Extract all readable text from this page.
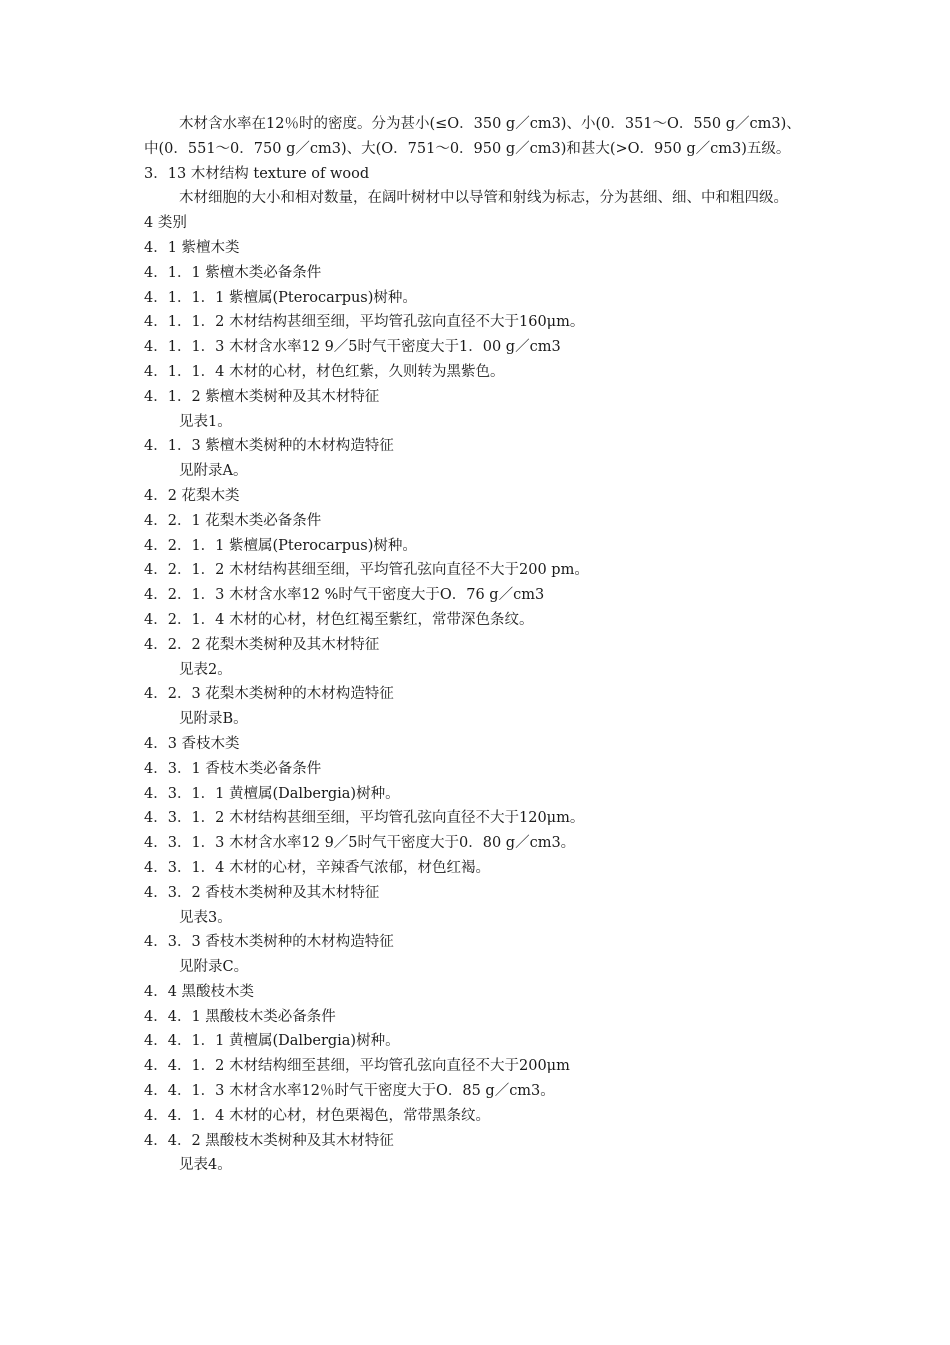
木材含水率在12％时的密度。分为甚小(≤O．350 g／cm3)、小(0．351～O．550 g／cm3)、中(0．551～0．750 g／cm3)、大(O．751～0．950 g／cm3)和甚大(>O．950 g／cm3)五级。
3．13 木材结构 texture of wood
木材细胞的大小和相对数量，在阔叶树材中以导管和射线为标志，分为甚细、细、中和粗四级。
4 类别
4．1 紫檀木类
4．1．1 紫檀木类必备条件
4．1．1．1 紫檀属(Pterocarpus)树种。
4．1．1．2 木材结构甚细至细，平均管孔弦向直径不大于160μm。
4．1．1．3 木材含水率12 9／5时气干密度大于1．00 g／cm3
4．1．1．4 木材的心材，材色红紫，久则转为黑紫色。
4．1．2 紫檀木类树种及其木材特征
见表1。
4．1．3 紫檀木类树种的木材构造特征
见附录A。
4．2 花梨木类
4．2．1 花梨木类必备条件
4．2．1．1 紫檀属(Pterocarpus)树种。
4．2．1．2 木材结构甚细至细，平均管孔弦向直径不大于200 pm。
4．2．1．3 木材含水率12 %时气干密度大于O．76 g／cm3
4．2．1．4 木材的心材，材色红褐至紫红，常带深色条纹。
4．2．2 花梨木类树种及其木材特征
见表2。
4．2．3 花梨木类树种的木材构造特征
见附录B。
4．3 香枝木类
4．3．1 香枝木类必备条件
4．3．1．1 黄檀属(Dalbergia)树种。
4．3．1．2 木材结构甚细至细，平均管孔弦向直径不大于120μm。
4．3．1．3 木材含水率12 9／5时气干密度大于0．80 g／cm3。
4．3．1．4 木材的心材，辛辣香气浓郁，材色红褐。
4．3．2 香枝木类树种及其木材特征
见表3。
4．3．3 香枝木类树种的木材构造特征
见附录C。
4．4 黑酸枝木类
4．4．1 黑酸枝木类必备条件
4．4．1．1 黄檀属(Dalbergia)树种。
4．4．1．2 木材结构细至甚细，平均管孔弦向直径不大于200μm
4．4．1．3 木材含水率12％时气干密度大于O．85 g／cm3。
4．4．1．4 木材的心材，材色栗褐色，常带黑条纹。
4．4．2 黑酸枝木类树种及其木材特征
见表4。
